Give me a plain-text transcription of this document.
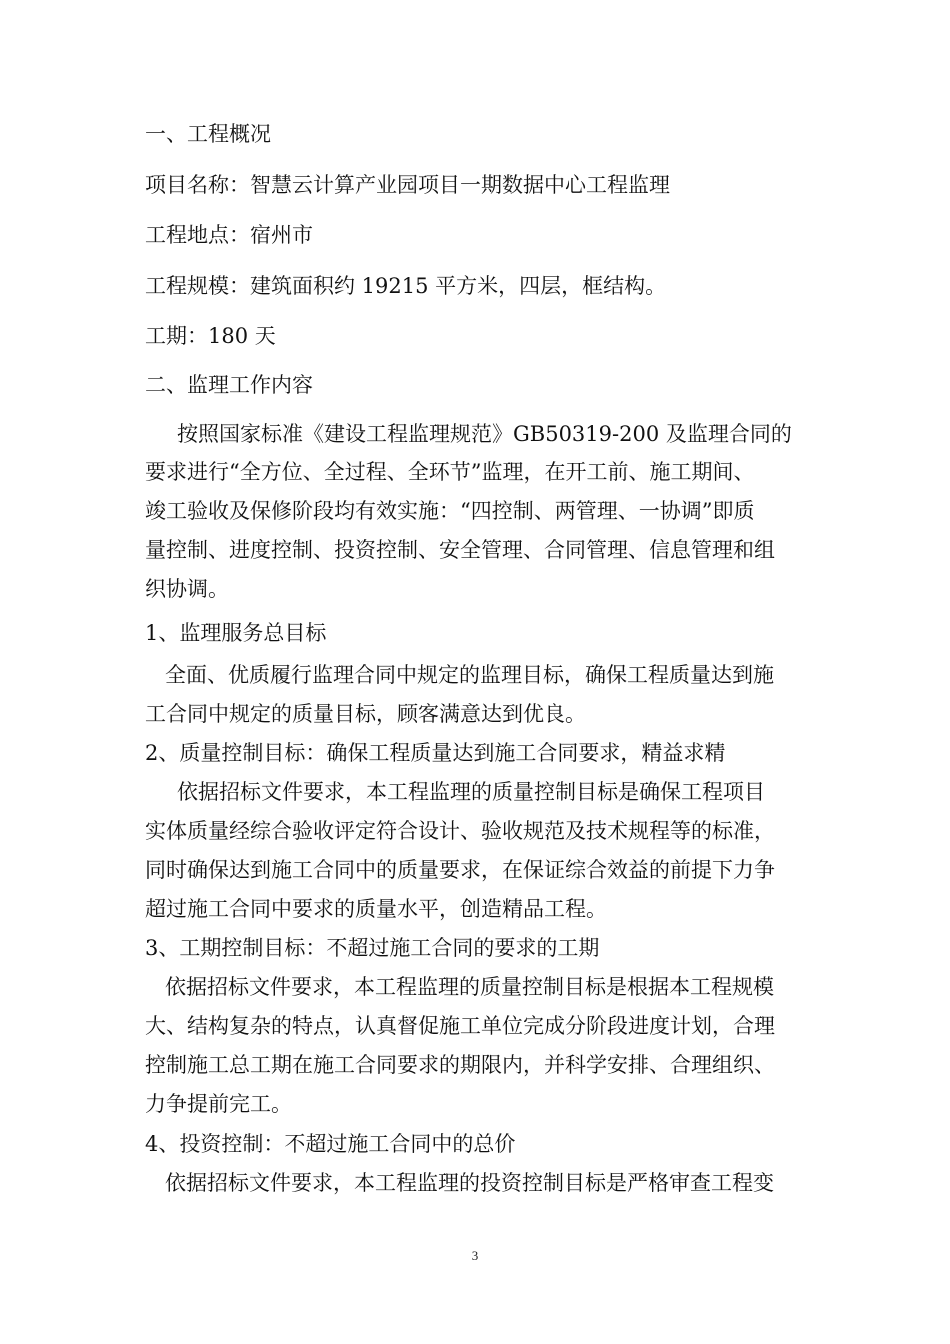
一、工程概况
项目名称：智慧云计算产业园项目一期数据中心工程监理
工程地点：宿州市
工程规模：建筑面积约 19215 平方米，四层，框结构。
工期：180 天
二、监理工作内容
按照国家标准《建设工程监理规范》GB50319-200 及监理合同的
要求进行“全方位、全过程、全环节”监理，在开工前、施工期间、
竣工验收及保修阶段均有效实施：“四控制、两管理、一协调”即质
量控制、进度控制、投资控制、安全管理、合同管理、信息管理和组
织协调。
1、监理服务总目标
全面、优质履行监理合同中规定的监理目标，确保工程质量达到施
工合同中规定的质量目标，顾客满意达到优良。
2、质量控制目标：确保工程质量达到施工合同要求，精益求精
依据招标文件要求，本工程监理的质量控制目标是确保工程项目
实体质量经综合验收评定符合设计、验收规范及技术规程等的标准，
同时确保达到施工合同中的质量要求，在保证综合效益的前提下力争
超过施工合同中要求的质量水平，创造精品工程。
3、工期控制目标：不超过施工合同的要求的工期
依据招标文件要求，本工程监理的质量控制目标是根据本工程规模
大、结构复杂的特点，认真督促施工单位完成分阶段进度计划，合理
控制施工总工期在施工合同要求的期限内，并科学安排、合理组织、
力争提前完工。
4、投资控制：不超过施工合同中的总价
依据招标文件要求，本工程监理的投资控制目标是严格审查工程变
3
